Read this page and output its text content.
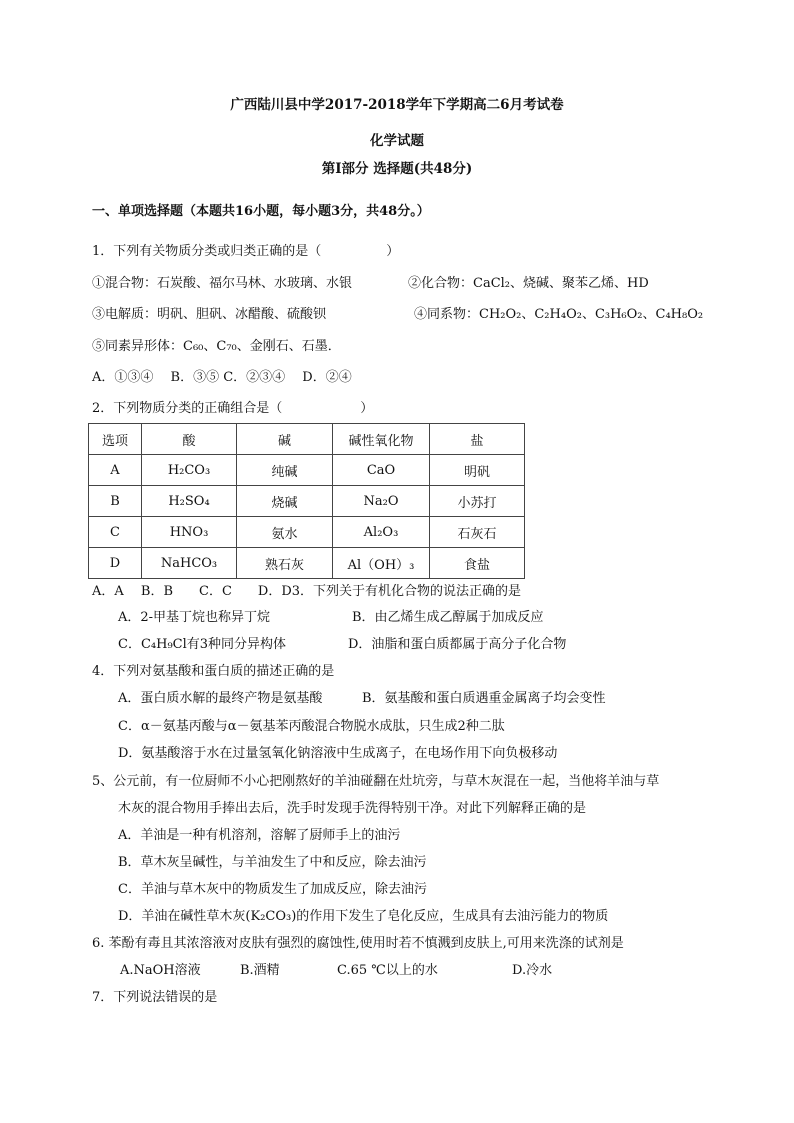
广西陆川县中学2017-2018学年下学期高二6月考试卷
化学试题
第Ⅰ部分 选择题(共48分)
一、单项选择题（本题共16小题，每小题3分，共48分。）
1．下列有关物质分类或归类正确的是（　　　　　）
①混合物：石炭酸、福尔马林、水玻璃、水银	②化合物：CaCl₂、烧碱、聚苯乙烯、HD
③电解质：明矾、胆矾、冰醋酸、硫酸钡	④同系物：CH₂O₂、C₂H₄O₂、C₃H₆O₂、C₄H₈O₂
⑤同素异形体：C₆₀、C₇₀、金刚石、石墨．
A．①③④　 B．③⑤ C．②③④　 D．②④
2．下列物质分类的正确组合是（　　　　　　）
选项	酸	碱	碱性氧化物	盐
A	H₂CO₃	纯碱	CaO	明矾
B	H₂SO₄	烧碱	Na₂O	小苏打
C	HNO₃	氨水	Al₂O₃	石灰石
D	NaHCO₃	熟石灰	Al（OH）₃	食盐
A．A　 B．B　　C．C　　D．D3．下列关于有机化合物的说法正确的是
A．2-甲基丁烷也称异丁烷	B．由乙烯生成乙醇属于加成反应
C．C₄H₉Cl有3种同分异构体	D．油脂和蛋白质都属于高分子化合物
4．下列对氨基酸和蛋白质的描述正确的是
A．蛋白质水解的最终产物是氨基酸	B．氨基酸和蛋白质遇重金属离子均会变性
C．α－氨基丙酸与α－氨基苯丙酸混合物脱水成肽，只生成2种二肽
D．氨基酸溶于水在过量氢氧化钠溶液中生成离子，在电场作用下向负极移动
5、公元前，有一位厨师不小心把刚熬好的羊油碰翻在灶坑旁，与草木灰混在一起，当他将羊油与草
木灰的混合物用手捧出去后，洗手时发现手洗得特别干净。对此下列解释正确的是
A．羊油是一种有机溶剂，溶解了厨师手上的油污
B．草木灰呈碱性，与羊油发生了中和反应，除去油污
C．羊油与草木灰中的物质发生了加成反应，除去油污
D．羊油在碱性草木灰(K₂CO₃)的作用下发生了皂化反应，生成具有去油污能力的物质
6. 苯酚有毒且其浓溶液对皮肤有强烈的腐蚀性,使用时若不慎溅到皮肤上,可用来洗涤的试剂是
A.NaOH溶液	B.酒精	C.65 ℃以上的水	D.冷水
7．下列说法错误的是
